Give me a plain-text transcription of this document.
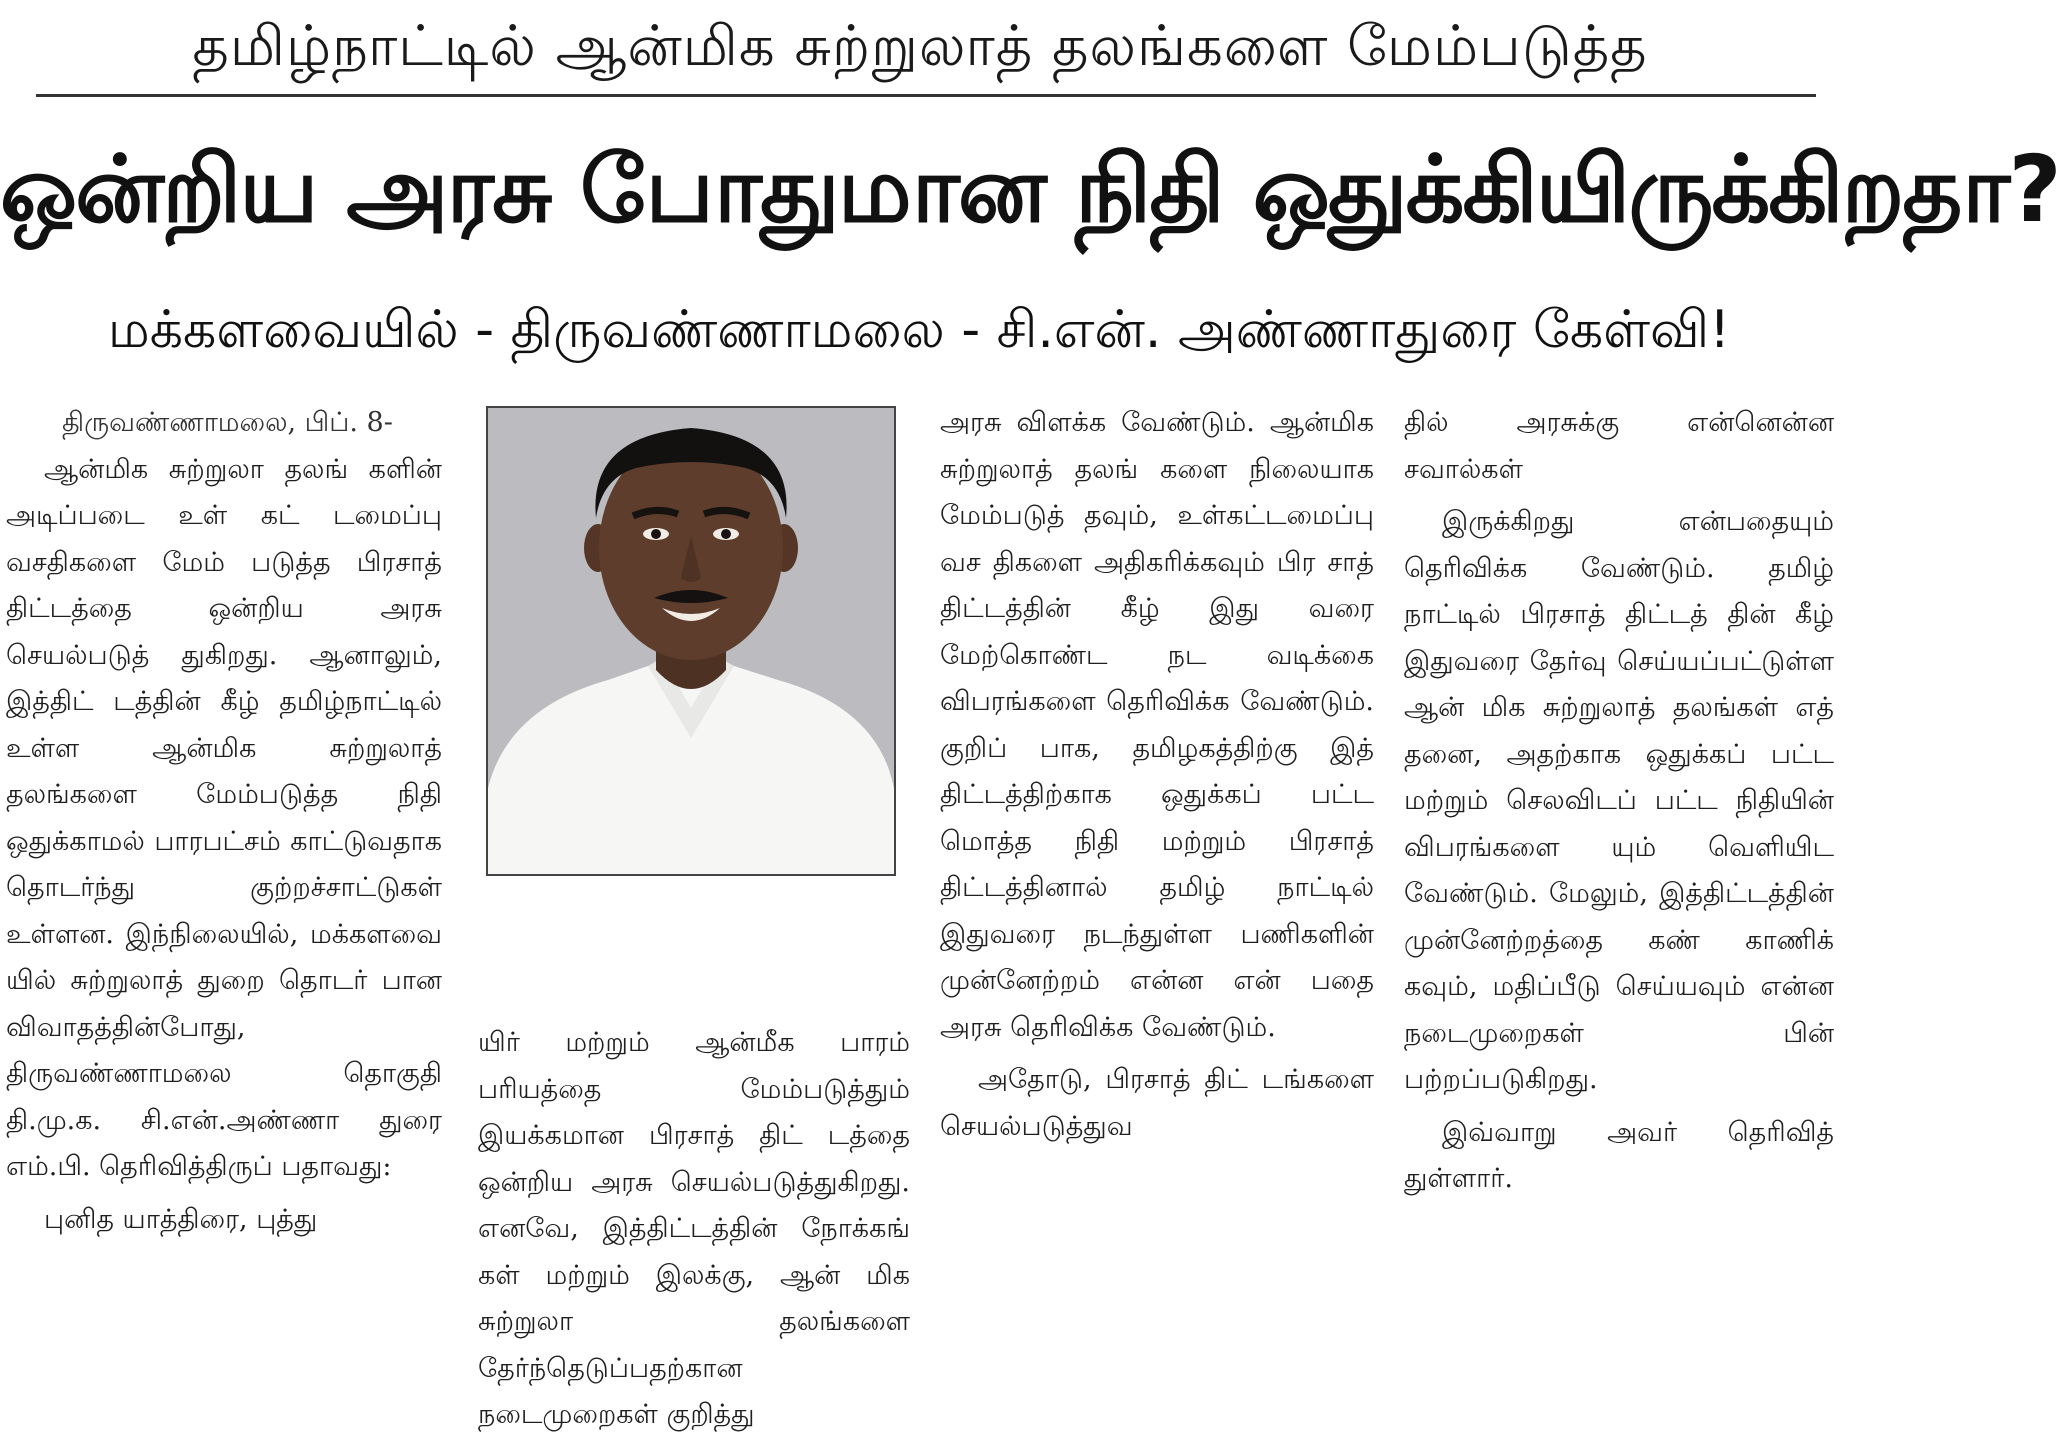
தமிழ்நாட்டில் ஆன்மிக சுற்றுலாத் தலங்களை மேம்படுத்த
ஒன்றிய அரசு போதுமான நிதி ஒதுக்கியிருக்கிறதா?
மக்களவையில் - திருவண்ணாமலை - சி.என். அண்ணாதுரை கேள்வி!

திருவண்ணாமலை, பிப். 8-

ஆன்மிக சுற்றுலா தலங் களின் அடிப்படை உள் கட் டமைப்பு வசதிகளை மேம் படுத்த பிரசாத் திட்டத்தை ஒன்றிய அரசு செயல்படுத் துகிறது. ஆனாலும், இத்திட் டத்தின் கீழ் தமிழ்நாட்டில் உள்ள ஆன்மிக சுற்றுலாத் தலங்களை மேம்படுத்த நிதி ஒதுக்காமல் பாரபட்சம் காட்டுவதாக தொடர்ந்து குற்றச்சாட்டுகள் உள்ளன. இந்நிலையில், மக்களவை யில் சுற்றுலாத் துறை தொடர் பான விவாதத்தின்போது, திருவண்ணாமலை தொகுதி தி.மு.க. சி.என்.அண்ணா துரை எம்.பி. தெரிவித்திருப் பதாவது:

புனித யாத்திரை, புத்து

யிர் மற்றும் ஆன்மீக பாரம் பரியத்தை மேம்படுத்தும் இயக்கமான பிரசாத் திட் டத்தை ஒன்றிய அரசு செயல்படுத்துகிறது. எனவே, இத்திட்டத்தின் நோக்கங் கள் மற்றும் இலக்கு, ஆன் மிக சுற்றுலா தலங்களை தேர்ந்தெடுப்பதற்கான நடைமுறைகள் குறித்து

அரசு விளக்க வேண்டும். ஆன்மிக சுற்றுலாத் தலங் களை நிலையாக மேம்படுத் தவும், உள்கட்டமைப்பு வச திகளை அதிகரிக்கவும் பிர சாத் திட்டத்தின் கீழ் இது வரை மேற்கொண்ட நட வடிக்கை விபரங்களை தெரிவிக்க வேண்டும். குறிப் பாக, தமிழகத்திற்கு இத் திட்டத்திற்காக ஒதுக்கப் பட்ட மொத்த நிதி மற்றும் பிரசாத் திட்டத்தினால் தமிழ் நாட்டில் இதுவரை நடந்துள்ள பணிகளின் முன்னேற்றம் என்ன என் பதை அரசு தெரிவிக்க வேண்டும்.

அதோடு, பிரசாத் திட் டங்களை செயல்படுத்துவ

தில் அரசுக்கு என்னென்ன சவால்கள்

இருக்கிறது என்பதையும் தெரிவிக்க வேண்டும். தமிழ் நாட்டில் பிரசாத் திட்டத் தின் கீழ் இதுவரை தேர்வு செய்யப்பட்டுள்ள ஆன் மிக சுற்றுலாத் தலங்கள் எத் தனை, அதற்காக ஒதுக்கப் பட்ட மற்றும் செலவிடப் பட்ட நிதியின் விபரங்களை யும் வெளியிட வேண்டும். மேலும், இத்திட்டத்தின் முன்னேற்றத்தை கண் காணிக் கவும், மதிப்பீடு செய்யவும் என்ன நடைமுறைகள் பின் பற்றப்படுகிறது.

இவ்வாறு அவர் தெரிவித் துள்ளார்.
